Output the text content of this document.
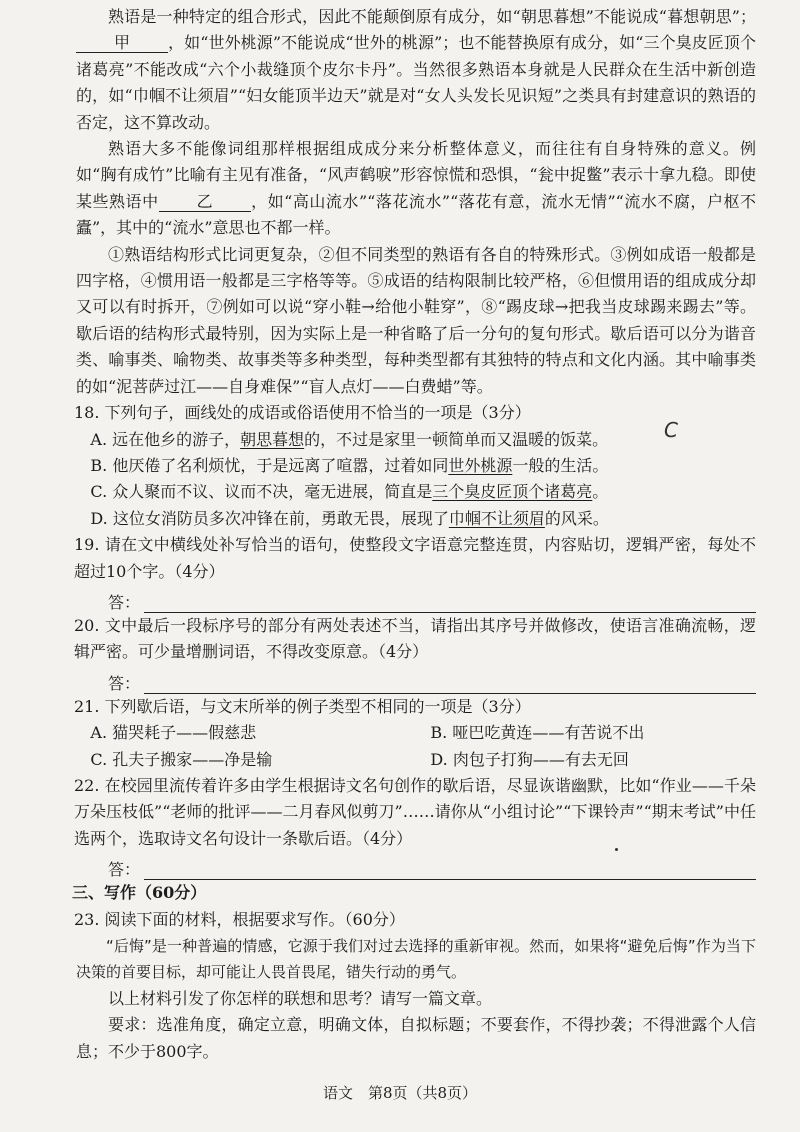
熟语是一种特定的组合形式，因此不能颠倒原有成分，如“朝思暮想”不能说成“暮想朝思”；甲 ，如“世外桃源”不能说成“世外的桃源”；也不能替换原有成分，如“三个臭皮匠顶个诸葛亮”不能改成“六个小裁缝顶个皮尔卡丹”。当然很多熟语本身就是人民群众在生活中新创造的，如“巾帼不让须眉”“妇女能顶半边天”就是对“女人头发长见识短”之类具有封建意识的熟语的否定，这不算改动。

熟语大多不能像词组那样根据组成成分来分析整体意义，而往往有自身特殊的意义。例如“胸有成竹”比喻有主见有准备，“风声鹤唳”形容惊慌和恐惧，“瓮中捉鳖”表示十拿九稳。即使某些熟语中 乙 ，如“高山流水”“落花流水”“落花有意，流水无情”“流水不腐，户枢不蠹”，其中的“流水”意思也不都一样。

①熟语结构形式比词更复杂，②但不同类型的熟语有各自的特殊形式。③例如成语一般都是四字格，④惯用语一般都是三字格等等。⑤成语的结构限制比较严格，⑥但惯用语的组成成分却又可以有时拆开，⑦例如可以说“穿小鞋→给他小鞋穿”，⑧“踢皮球→把我当皮球踢来踢去”等。歇后语的结构形式最特别，因为实际上是一种省略了后一分句的复句形式。歇后语可以分为谐音类、喻事类、喻物类、故事类等多种类型，每种类型都有其独特的特点和文化内涵。其中喻事类的如“泥菩萨过江——自身难保”“盲人点灯——白费蜡”等。

18. 下列句子，画线处的成语或俗语使用不恰当的一项是（3分）

C

A. 远在他乡的游子，朝思暮想的，不过是家里一顿简单而又温暖的饭菜。

B. 他厌倦了名利烦忧，于是远离了喧嚣，过着如同世外桃源一般的生活。

C. 众人聚而不议、议而不决，毫无进展，简直是三个臭皮匠顶个诸葛亮。

D. 这位女消防员多次冲锋在前，勇敢无畏，展现了巾帼不让须眉的风采。

19. 请在文中横线处补写恰当的语句，使整段文字语意完整连贯，内容贴切，逻辑严密，每处不超过10个字。（4分）

答：

20. 文中最后一段标序号的部分有两处表述不当，请指出其序号并做修改，使语言准确流畅，逻辑严密。可少量增删词语，不得改变原意。（4分）

答：

21. 下列歇后语，与文末所举的例子类型不相同的一项是（3分）

A. 猫哭耗子——假慈悲	B. 哑巴吃黄连——有苦说不出
C. 孔夫子搬家——净是输	D. 肉包子打狗——有去无回

22. 在校园里流传着许多由学生根据诗文名句创作的歇后语，尽显诙谐幽默，比如“作业——千朵万朵压枝低”“老师的批评——二月春风似剪刀”……请你从“小组讨论”“下课铃声”“期末考试”中任选两个，选取诗文名句设计一条歇后语。（4分）

答：

三、写作（60分）

23. 阅读下面的材料，根据要求写作。（60分）

“后悔”是一种普遍的情感，它源于我们对过去选择的重新审视。然而，如果将“避免后悔”作为当下决策的首要目标，却可能让人畏首畏尾，错失行动的勇气。

以上材料引发了你怎样的联想和思考？请写一篇文章。

要求：选准角度，确定立意，明确文体，自拟标题；不要套作，不得抄袭；不得泄露个人信息；不少于800字。

语文　第8页（共8页）
